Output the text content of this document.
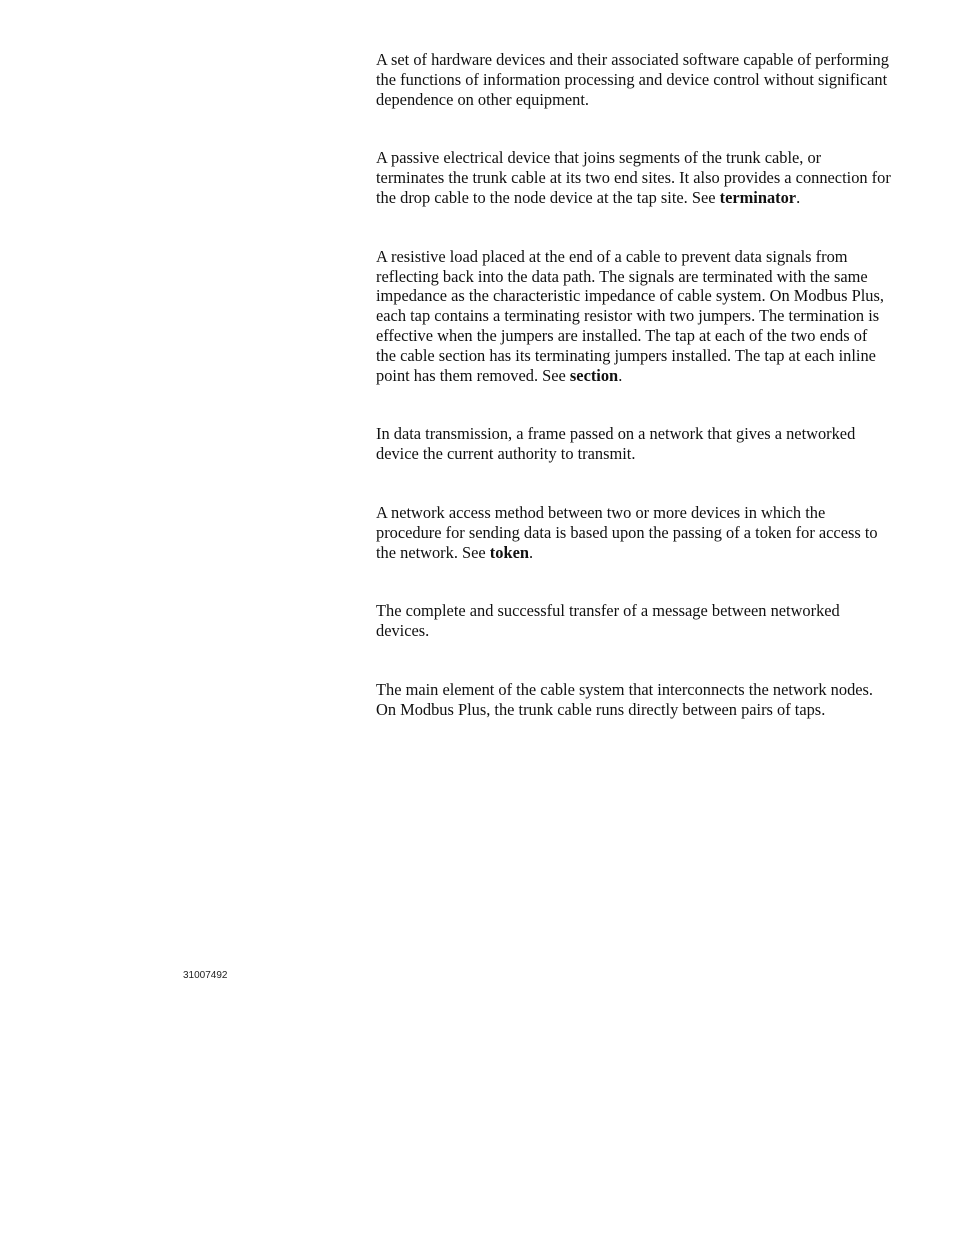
A set of hardware devices and their associated software capable of performing the functions of information processing and device control without significant dependence on other equipment.

A passive electrical device that joins segments of the trunk cable, or terminates the trunk cable at its two end sites. It also provides a connection for the drop cable to the node device at the tap site. See terminator.

A resistive load placed at the end of a cable to prevent data signals from reflecting back into the data path. The signals are terminated with the same impedance as the characteristic impedance of cable system. On Modbus Plus, each tap contains a terminating resistor with two jumpers. The termination is effective when the jumpers are installed. The tap at each of the two ends of the cable section has its terminating jumpers installed. The tap at each inline point has them removed. See section.

In data transmission, a frame passed on a network that gives a networked device the current authority to transmit.

A network access method between two or more devices in which the procedure for sending data is based upon the passing of a token for access to the network. See token.

The complete and successful transfer of a message between networked devices.

The main element of the cable system that interconnects the network nodes. On Modbus Plus, the trunk cable runs directly between pairs of taps.

31007492
